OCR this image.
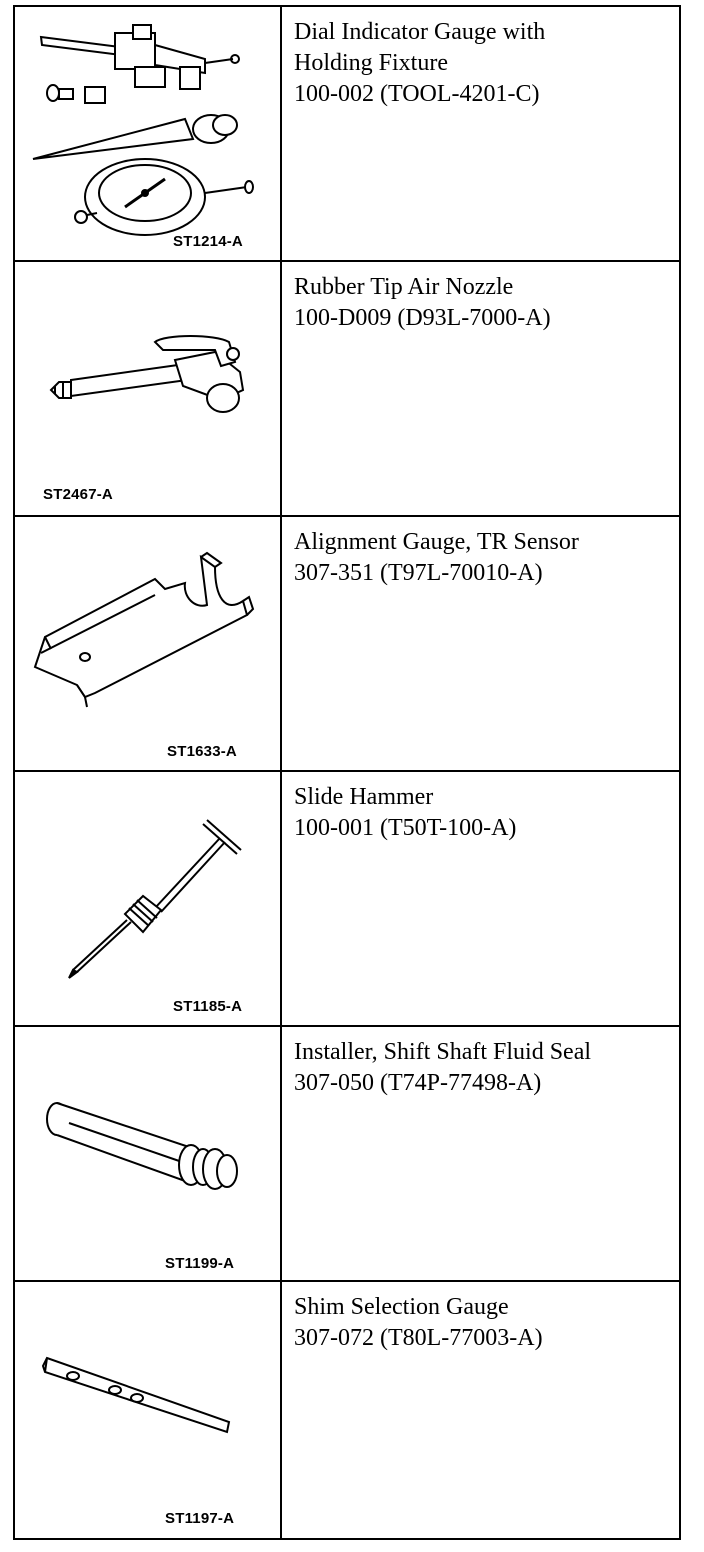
ST1214-A
Dial Indicator Gauge with
Holding Fixture
100-002 (TOOL-4201-C)
ST2467-A
Rubber Tip Air Nozzle
100-D009 (D93L-7000-A)
ST1633-A
Alignment Gauge, TR Sensor
307-351 (T97L-70010-A)
ST1185-A
Slide Hammer
100-001 (T50T-100-A)
ST1199-A
Installer, Shift Shaft Fluid Seal
307-050 (T74P-77498-A)
ST1197-A
Shim Selection Gauge
307-072 (T80L-77003-A)
